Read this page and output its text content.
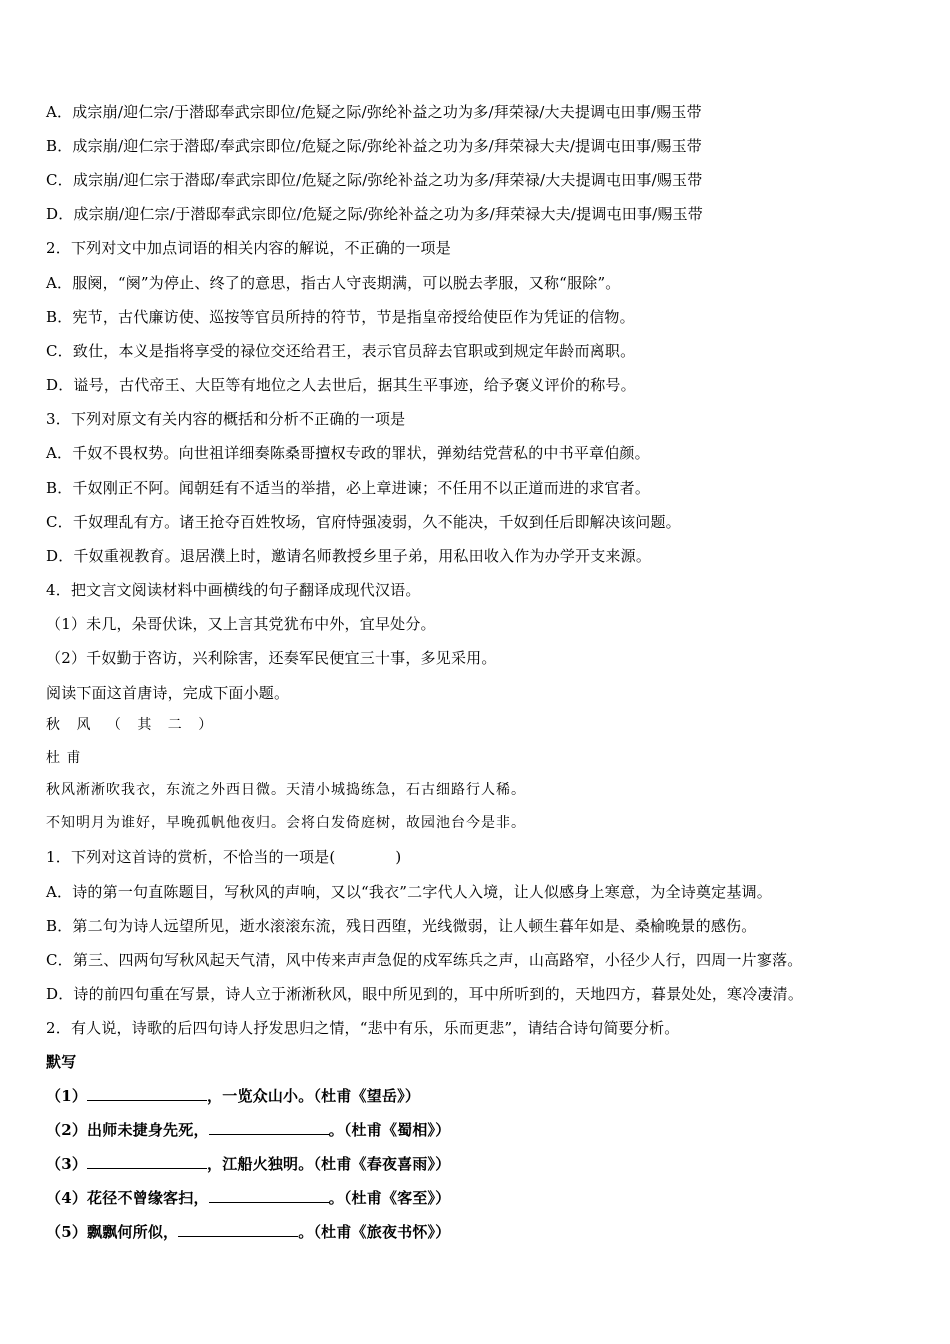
A．成宗崩/迎仁宗/于潜邸奉武宗即位/危疑之际/弥纶补益之功为多/拜荣禄/大夫提调屯田事/赐玉带
B．成宗崩/迎仁宗于潜邸/奉武宗即位/危疑之际/弥纶补益之功为多/拜荣禄大夫/提调屯田事/赐玉带
C．成宗崩/迎仁宗于潜邸/奉武宗即位/危疑之际/弥纶补益之功为多/拜荣禄/大夫提调屯田事/赐玉带
D．成宗崩/迎仁宗/于潜邸奉武宗即位/危疑之际/弥纶补益之功为多/拜荣禄大夫/提调屯田事/赐玉带
2．下列对文中加点词语的相关内容的解说，不正确的一项是
A．服阕，“阕”为停止、终了的意思，指古人守丧期满，可以脱去孝服，又称“服除”。
B．宪节，古代廉访使、巡按等官员所持的符节，节是指皇帝授给使臣作为凭证的信物。
C．致仕，本义是指将享受的禄位交还给君王，表示官员辞去官职或到规定年龄而离职。
D．谥号，古代帝王、大臣等有地位之人去世后，据其生平事迹，给予褒义评价的称号。
3．下列对原文有关内容的概括和分析不正确的一项是
A．千奴不畏权势。向世祖详细奏陈桑哥擅权专政的罪状，弹劾结党营私的中书平章伯颜。
B．千奴刚正不阿。闻朝廷有不适当的举措，必上章进谏；不任用不以正道而进的求官者。
C．千奴理乱有方。诸王抢夺百姓牧场，官府恃强凌弱，久不能决，千奴到任后即解决该问题。
D．千奴重视教育。退居濮上时，邀请名师教授乡里子弟，用私田收入作为办学开支来源。
4．把文言文阅读材料中画横线的句子翻译成现代汉语。
（1）未几，朵哥伏诛，又上言其党犹布中外，宜早处分。
（2）千奴勤于咨访，兴利除害，还奏军民便宜三十事，多见采用。
阅读下面这首唐诗，完成下面小题。
秋 风 （ 其 二 ）
杜 甫
秋风淅淅吹我衣，东流之外西日微。天清小城捣练急，石古细路行人稀。
不知明月为谁好，早晚孤帆他夜归。会将白发倚庭树，故园池台今是非。
1．下列对这首诗的赏析，不恰当的一项是(	)
A．诗的第一句直陈题目，写秋风的声响，又以“我衣”二字代人入境，让人似感身上寒意，为全诗奠定基调。
B．第二句为诗人远望所见，逝水滚滚东流，残日西堕，光线微弱，让人顿生暮年如是、桑榆晚景的感伤。
C．第三、四两句写秋风起天气清，风中传来声声急促的戍军练兵之声，山高路窄，小径少人行，四周一片寥落。
D．诗的前四句重在写景，诗人立于淅淅秋风，眼中所见到的，耳中所听到的，天地四方，暮景处处，寒冷凄清。
2．有人说，诗歌的后四句诗人抒发思归之情，“悲中有乐，乐而更悲”，请结合诗句简要分析。
默写
（1）	，一览众山小。（杜甫《望岳》）
（2）出师未捷身先死，	。（杜甫《蜀相》）
（3）	，江船火独明。（杜甫《春夜喜雨》）
（4）花径不曾缘客扫，	。（杜甫《客至》）
（5）飘飘何所似，	。（杜甫《旅夜书怀》）
